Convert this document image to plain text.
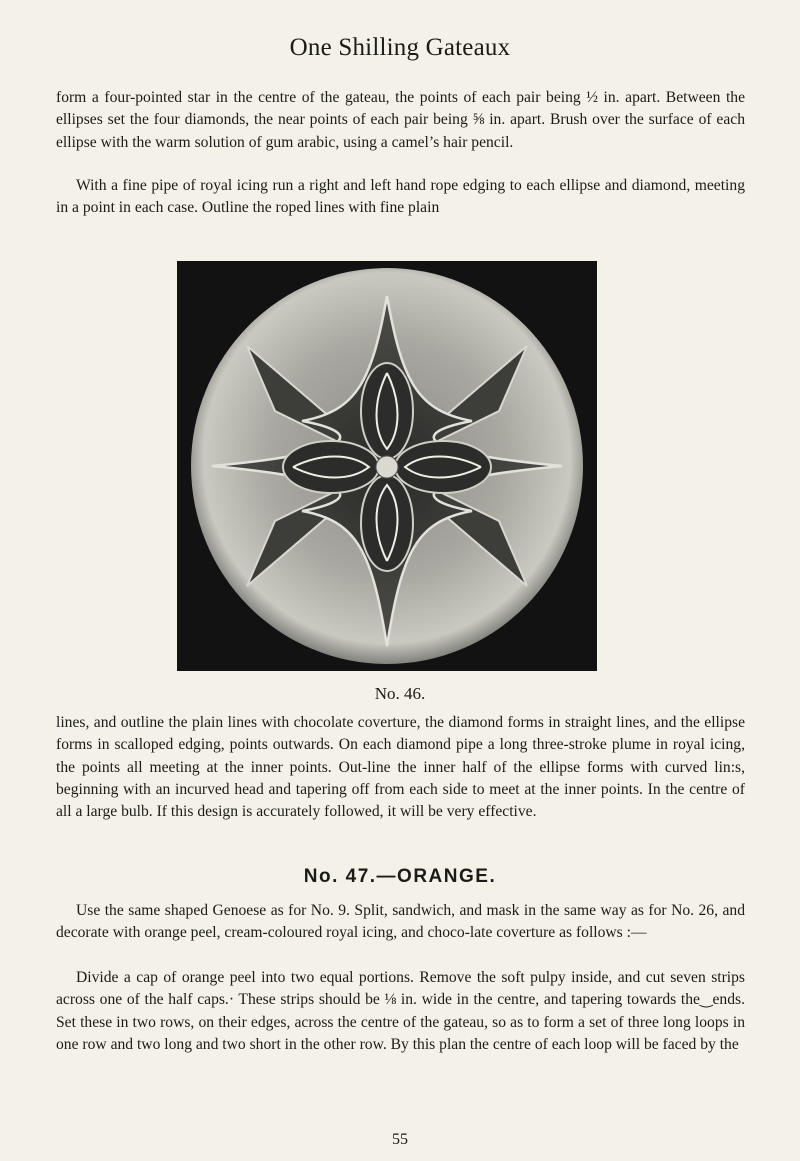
One Shilling Gateaux

form a four-pointed star in the centre of the gateau, the points of each pair being ½ in. apart. Between the ellipses set the four diamonds, the near points of each pair being ⅝ in. apart. Brush over the surface of each ellipse with the warm solution of gum arabic, using a camel’s hair pencil.

With a fine pipe of royal icing run a right and left hand rope edging to each ellipse and diamond, meeting in a point in each case. Outline the roped lines with fine plain

No. 46.

lines, and outline the plain lines with chocolate coverture, the diamond forms in straight lines, and the ellipse forms in scalloped edging, points outwards. On each diamond pipe a long three-stroke plume in royal icing, the points all meeting at the inner points. Out-line the inner half of the ellipse forms with curved lin:s, beginning with an incurved head and tapering off from each side to meet at the inner points. In the centre of all a large bulb. If this design is accurately followed, it will be very effective.

No. 47.—ORANGE.

Use the same shaped Genoese as for No. 9. Split, sandwich, and mask in the same way as for No. 26, and decorate with orange peel, cream-coloured royal icing, and choco-late coverture as follows :—

Divide a cap of orange peel into two equal portions. Remove the soft pulpy inside, and cut seven strips across one of the half caps.· These strips should be ⅛ in. wide in the centre, and tapering towards the‿ends. Set these in two rows, on their edges, across the centre of the gateau, so as to form a set of three long loops in one row and two long and two short in the other row. By this plan the centre of each loop will be faced by the

55
